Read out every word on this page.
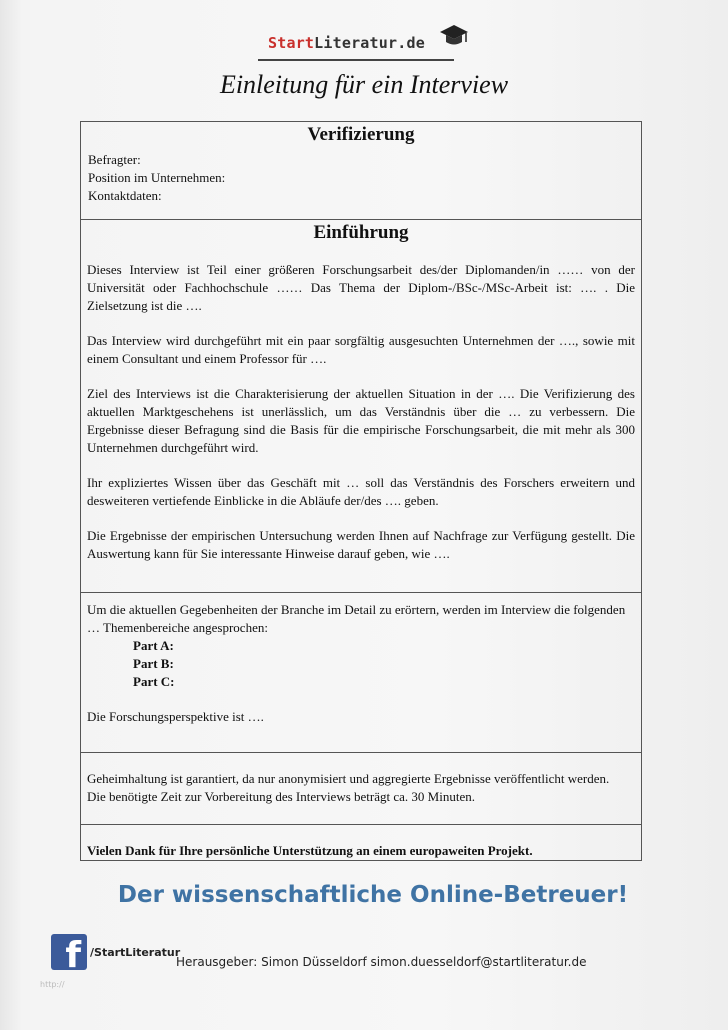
StartLiteratur.de
Einleitung für ein Interview
Verifizierung
Befragter:
Position im Unternehmen:
Kontaktdaten:
Einführung

Dieses Interview ist Teil einer größeren Forschungsarbeit des/der Diplomanden/in …… von der Universität oder Fachhochschule …… Das Thema der Diplom-/BSc-/MSc-Arbeit ist: …. . Die Zielsetzung ist die ….

Das Interview wird durchgeführt mit ein paar sorgfältig ausgesuchten Unternehmen der …., sowie mit einem Consultant und einem Professor für ….

Ziel des Interviews ist die Charakterisierung der aktuellen Situation in der …. Die Verifizierung des aktuellen Marktgeschehens ist unerlässlich, um das Verständnis über die … zu verbessern. Die Ergebnisse dieser Befragung sind die Basis für die empirische Forschungsarbeit, die mit mehr als 300 Unternehmen durchgeführt wird.

Ihr expliziertes Wissen über das Geschäft mit … soll das Verständnis des Forschers erweitern und desweiteren vertiefende Einblicke in die Abläufe der/des …. geben.

Die Ergebnisse der empirischen Untersuchung werden Ihnen auf Nachfrage zur Verfügung gestellt. Die Auswertung kann für Sie interessante Hinweise darauf geben, wie ….

Um die aktuellen Gegebenheiten der Branche im Detail zu erörtern, werden im Interview die folgenden … Themenbereiche angesprochen:

Part A:
Part B:
Part C:

Die Forschungsperspektive ist ….

Geheimhaltung ist garantiert, da nur anonymisiert und aggregierte Ergebnisse veröffentlicht werden.

Die benötigte Zeit zur Vorbereitung des Interviews beträgt ca. 30 Minuten.

Vielen Dank für Ihre persönliche Unterstützung an einem europaweiten Projekt.

Der wissenschaftliche Online-Betreuer!
f /StartLiteratur
Herausgeber: Simon Düsseldorf simon.duesseldorf@startliteratur.de
http://
